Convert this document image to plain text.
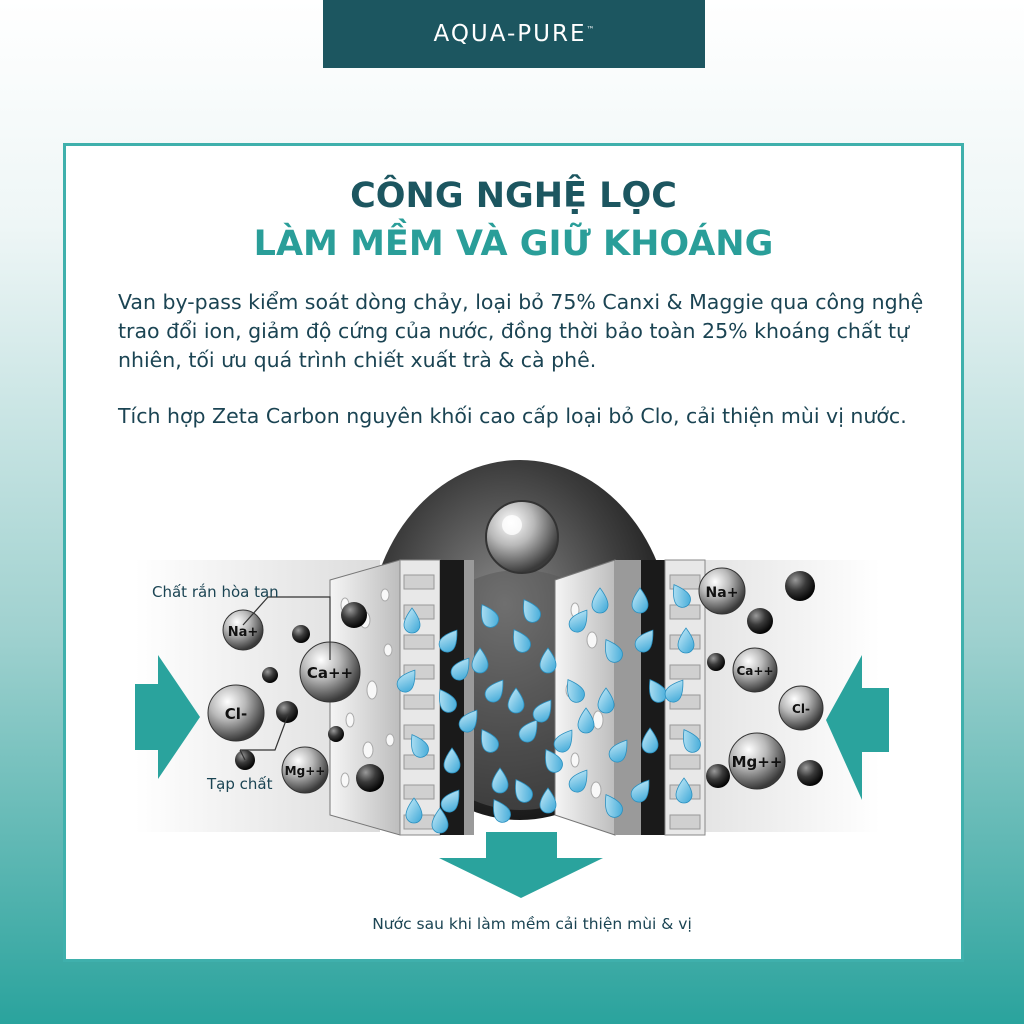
AQUA-PURE™
CÔNG NGHỆ LỌC
LÀM MỀM VÀ GIỮ KHOÁNG

Van by-pass kiểm soát dòng chảy, loại bỏ 75% Canxi & Maggie qua công nghệ trao đổi ion, giảm độ cứng của nước, đồng thời bảo toàn 25% khoáng chất tự nhiên, tối ưu quá trình chiết xuất trà & cà phê.

Tích hợp Zeta Carbon nguyên khối cao cấp loại bỏ Clo, cải thiện mùi vị nước.

Na+
Ca++
Cl-
Mg++
Na+
Ca++
Cl-
Mg++
Chất rắn hòa tan
Tạp chất
Nước sau khi làm mềm cải thiện mùi & vị
